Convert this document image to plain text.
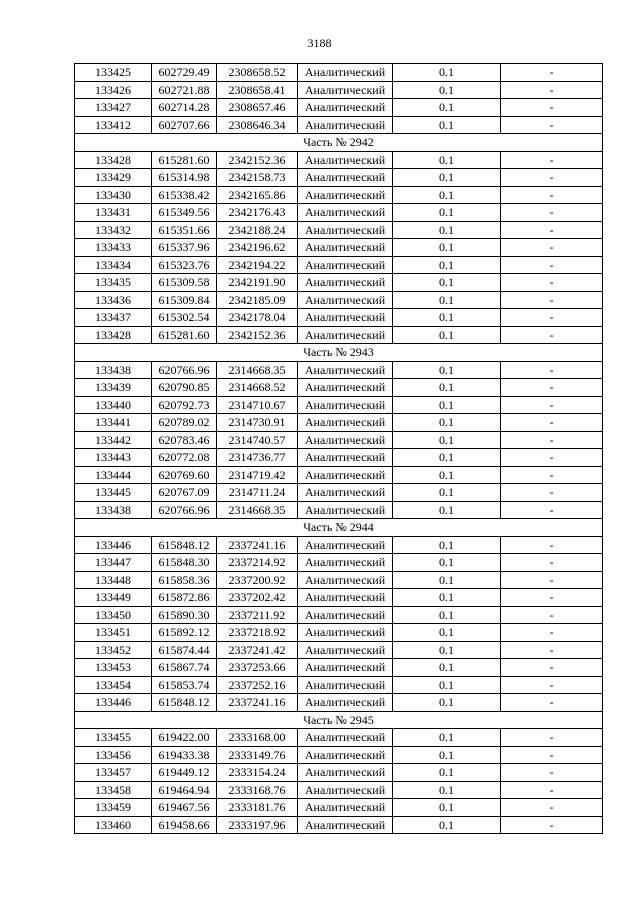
3188
133425	602729.49	2308658.52	Аналитический	0.1	-
133426	602721.88	2308658.41	Аналитический	0.1	-
133427	602714.28	2308657.46	Аналитический	0.1	-
133412	602707.66	2308646.34	Аналитический	0.1	-
Часть № 2942					
133428	615281.60	2342152.36	Аналитический	0.1	-
133429	615314.98	2342158.73	Аналитический	0.1	-
133430	615338.42	2342165.86	Аналитический	0.1	-
133431	615349.56	2342176.43	Аналитический	0.1	-
133432	615351.66	2342188.24	Аналитический	0.1	-
133433	615337.96	2342196.62	Аналитический	0.1	-
133434	615323.76	2342194.22	Аналитический	0.1	-
133435	615309.58	2342191.90	Аналитический	0.1	-
133436	615309.84	2342185.09	Аналитический	0.1	-
133437	615302.54	2342178.04	Аналитический	0.1	-
133428	615281.60	2342152.36	Аналитический	0.1	-
Часть № 2943					
133438	620766.96	2314668.35	Аналитический	0.1	-
133439	620790.85	2314668.52	Аналитический	0.1	-
133440	620792.73	2314710.67	Аналитический	0.1	-
133441	620789.02	2314730.91	Аналитический	0.1	-
133442	620783.46	2314740.57	Аналитический	0.1	-
133443	620772.08	2314736.77	Аналитический	0.1	-
133444	620769.60	2314719.42	Аналитический	0.1	-
133445	620767.09	2314711.24	Аналитический	0.1	-
133438	620766.96	2314668.35	Аналитический	0.1	-
Часть № 2944					
133446	615848.12	2337241.16	Аналитический	0.1	-
133447	615848.30	2337214.92	Аналитический	0.1	-
133448	615858.36	2337200.92	Аналитический	0.1	-
133449	615872.86	2337202.42	Аналитический	0.1	-
133450	615890.30	2337211.92	Аналитический	0.1	-
133451	615892.12	2337218.92	Аналитический	0.1	-
133452	615874.44	2337241.42	Аналитический	0.1	-
133453	615867.74	2337253.66	Аналитический	0.1	-
133454	615853.74	2337252.16	Аналитический	0.1	-
133446	615848.12	2337241.16	Аналитический	0.1	-
Часть № 2945					
133455	619422.00	2333168.00	Аналитический	0.1	-
133456	619433.38	2333149.76	Аналитический	0.1	-
133457	619449.12	2333154.24	Аналитический	0.1	-
133458	619464.94	2333168.76	Аналитический	0.1	-
133459	619467.56	2333181.76	Аналитический	0.1	-
133460	619458.66	2333197.96	Аналитический	0.1	-
